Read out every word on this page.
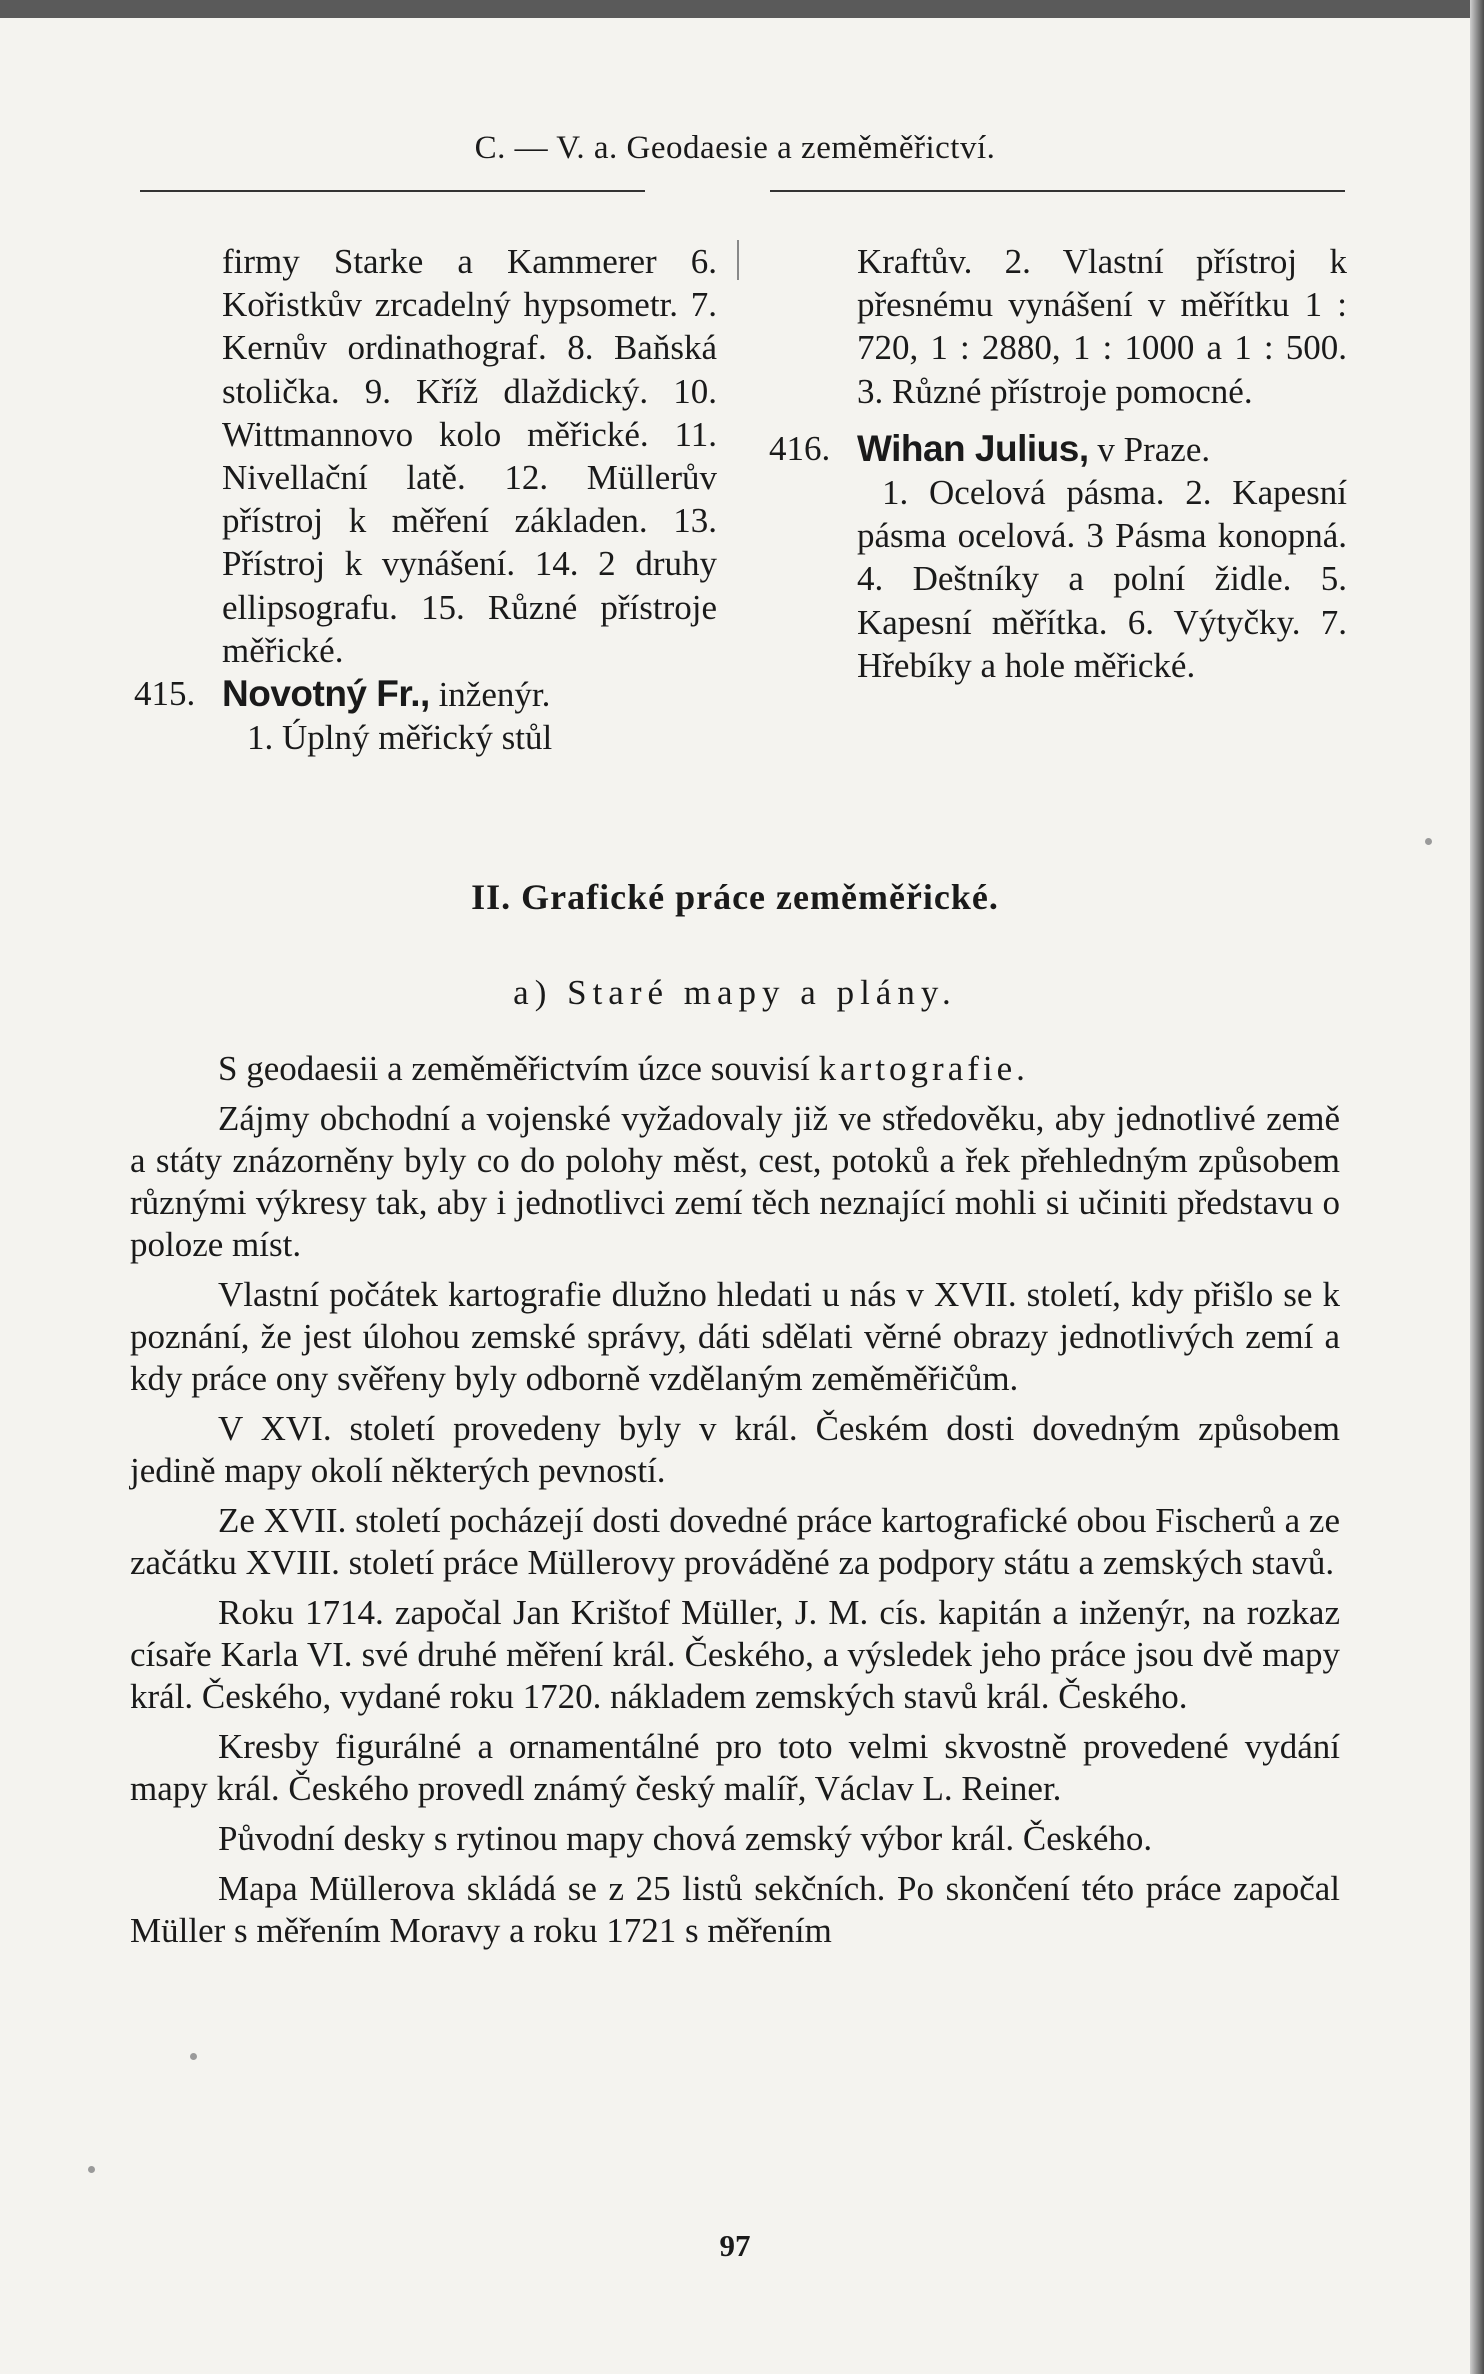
C. — V. a. Geodaesie a zeměměřictví.
firmy Starke a Kammerer 6. Kořistkův zrcadelný hypsometr. 7. Kernův ordinathograf. 8. Baňská stolička. 9. Kříž dlaždický. 10. Wittmannovo kolo měřické. 11. Nivellační latě. 12. Müllerův přístroj k měření základen. 13. Přístroj k vynášení. 14. 2 druhy ellipsografu. 15. Různé přístroje měřické.
415. Novotný Fr., inženýr.
1. Úplný měřický stůl
Kraftův. 2. Vlastní přístroj k přesnému vynášení v měřítku 1 : 720, 1 : 2880, 1 : 1000 a 1 : 500. 3. Různé přístroje pomocné.
416. Wihan Julius, v Praze.
1. Ocelová pásma. 2. Kapesní pásma ocelová. 3 Pásma konopná. 4. Deštníky a polní židle. 5. Kapesní měřítka. 6. Výtyčky. 7. Hřebíky a hole měřické.
II. Grafické práce zeměměřické.
a) Staré mapy a plány.

S geodaesii a zeměměřictvím úzce souvisí kartografie.

Zájmy obchodní a vojenské vyžadovaly již ve středověku, aby jednotlivé země a státy znázorněny byly co do polohy měst, cest, potoků a řek přehledným způsobem různými výkresy tak, aby i jednotlivci zemí těch neznající mohli si učiniti představu o poloze míst.

Vlastní počátek kartografie dlužno hledati u nás v XVII. století, kdy přišlo se k poznání, že jest úlohou zemské správy, dáti sdělati věrné obrazy jednotlivých zemí a kdy práce ony svěřeny byly odborně vzdělaným zeměměřičům.

V XVI. století provedeny byly v král. Českém dosti dovedným způsobem jedině mapy okolí některých pevností.

Ze XVII. století pocházejí dosti dovedné práce kartografické obou Fischerů a ze začátku XVIII. století práce Müllerovy prováděné za podpory státu a zemských stavů.

Roku 1714. započal Jan Krištof Müller, J. M. cís. kapitán a inženýr, na rozkaz císaře Karla VI. své druhé měření král. Českého, a výsledek jeho práce jsou dvě mapy král. Českého, vydané roku 1720. nákladem zemských stavů král. Českého.

Kresby figurálné a ornamentálné pro toto velmi skvostně provedené vydání mapy král. Českého provedl známý český malíř, Václav L. Reiner.

Původní desky s rytinou mapy chová zemský výbor král. Českého.

Mapa Müllerova skládá se z 25 listů sekčních. Po skončení této práce započal Müller s měřením Moravy a roku 1721 s měřením

97
